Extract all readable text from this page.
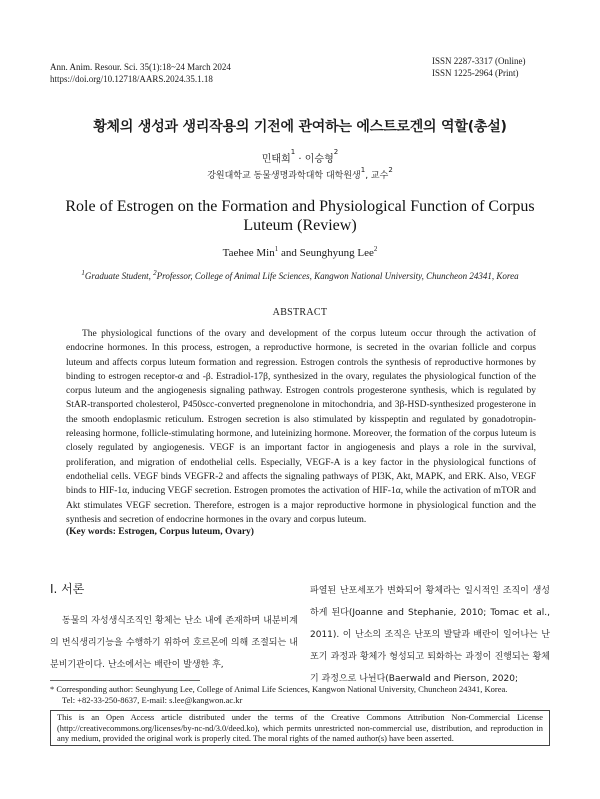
Ann. Anim. Resour. Sci. 35(1):18~24 March 2024
https://doi.org/10.12718/AARS.2024.35.1.18
ISSN 2287-3317 (Online)
ISSN 1225-2964 (Print)
황체의 생성과 생리작용의 기전에 관여하는 에스트로겐의 역할(총설)
민태희$^1$ · 이승형$^2$
강원대학교 동물생명과학대학 대학원생$^1$, 교수$^2$
Role of Estrogen on the Formation and Physiological Function of Corpus Luteum (Review)
Taehee Min$^1$ and Seunghyung Lee$^2$
$^1$Graduate Student, $^2$Professor, College of Animal Life Sciences, Kangwon National University, Chuncheon 24341, Korea
ABSTRACT

The physiological functions of the ovary and development of the corpus luteum occur through the activation of endocrine hormones. In this process, estrogen, a reproductive hormone, is secreted in the ovarian follicle and corpus luteum and affects corpus luteum formation and regression. Estrogen controls the synthesis of reproductive hormones by binding to estrogen receptor-α and -β. Estradiol-17β, synthesized in the ovary, regulates the physiological function of the corpus luteum and the angiogenesis signaling pathway. Estrogen controls progesterone synthesis, which is regulated by StAR-transported cholesterol, P450scc-converted pregnenolone in mitochondria, and 3β-HSD-synthesized progesterone in the smooth endoplasmic reticulum. Estrogen secretion is also stimulated by kisspeptin and regulated by gonadotropin-releasing hormone, follicle-stimulating hormone, and luteinizing hormone. Moreover, the formation of the corpus luteum is closely regulated by angiogenesis. VEGF is an important factor in angiogenesis and plays a role in the survival, proliferation, and migration of endothelial cells. Especially, VEGF-A is a key factor in the physiological functions of endothelial cells. VEGF binds VEGFR-2 and affects the signaling pathways of PI3K, Akt, MAPK, and ERK. Also, VEGF binds to HIF-1α, inducing VEGF secretion. Estrogen promotes the activation of HIF-1α, while the activation of mTOR and Akt stimulates VEGF secretion. Therefore, estrogen is a major reproductive hormone in physiological function and the synthesis and secretion of endocrine hormones in the ovary and corpus luteum.

(Key words: Estrogen, Corpus luteum, Ovary)
Ⅰ. 서론

동물의 자성생식조직인 황체는 난소 내에 존재하며 내분비계의 번식생리기능을 수행하기 위하여 호르몬에 의해 조절되는 내분비기관이다. 난소에서는 배란이 발생한 후,

파열된 난포세포가 변화되어 황체라는 일시적인 조직이 생성하게 된다(Joanne and Stephanie, 2010; Tomac et al., 2011). 이 난소의 조직은 난포의 발달과 배란이 일어나는 난포기 과정과 황체가 형성되고 퇴화하는 과정이 진행되는 황체기 과정으로 나뉜다(Baerwald and Pierson, 2020;

* Corresponding author: Seunghyung Lee, College of Animal Life Sciences, Kangwon National University, Chuncheon 24341, Korea.
Tel: +82-33-250-8637, E-mail: s.lee@kangwon.ac.kr
This is an Open Access article distributed under the terms of the Creative Commons Attribution Non-Commercial License (http://creativecommons.org/licenses/by-nc-nd/3.0/deed.ko), which permits unrestricted non-commercial use, distribution, and reproduction in any medium, provided the original work is properly cited. The moral rights of the named author(s) have been asserted.
